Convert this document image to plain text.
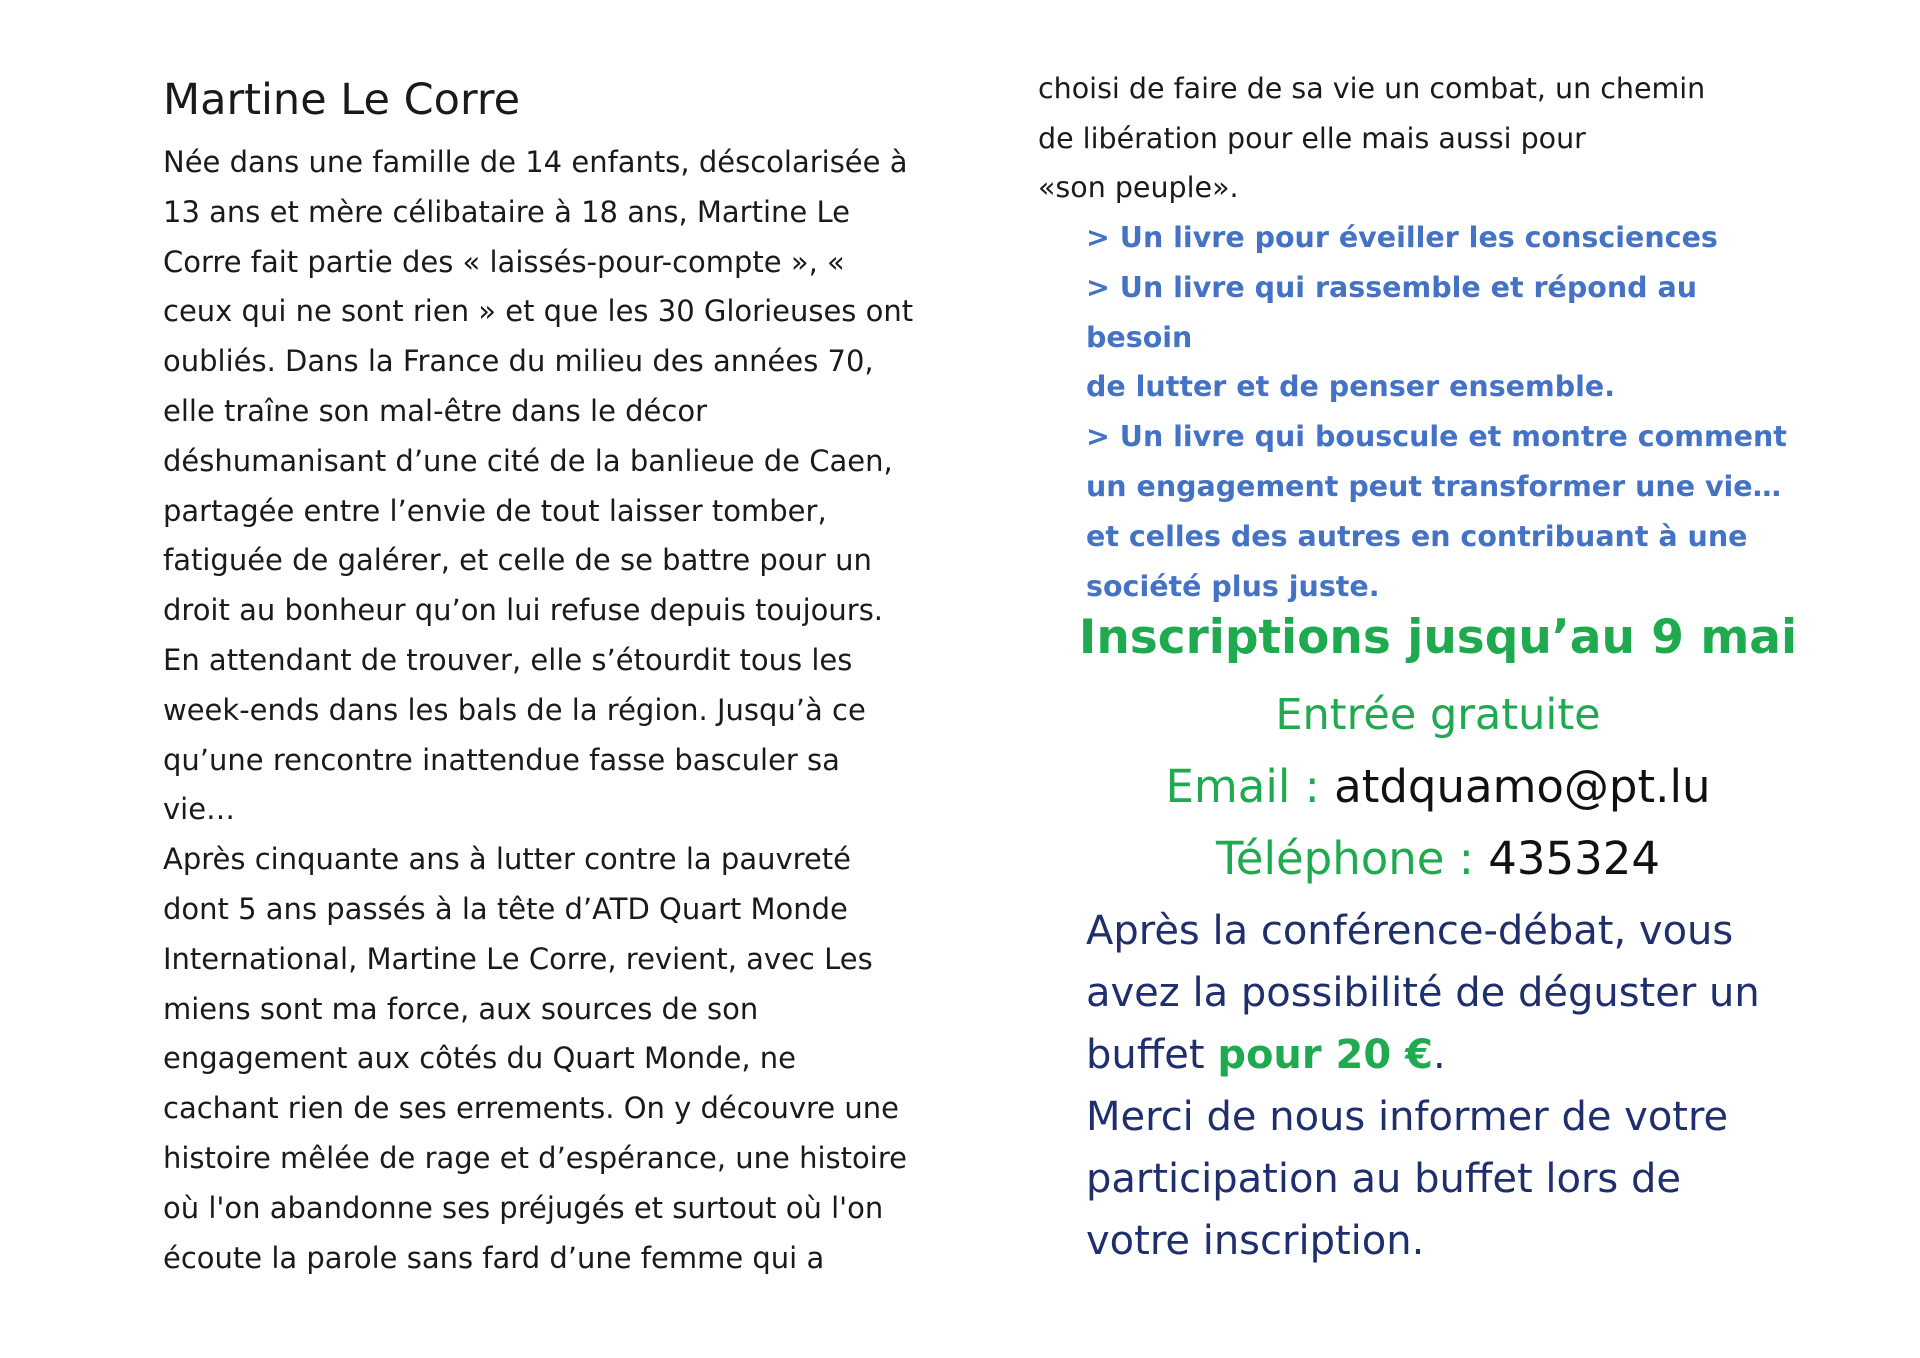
Martine Le Corre

Née dans une famille de 14 enfants, déscolarisée à

13 ans et mère célibataire à 18 ans, Martine Le

Corre fait partie des « laissés-pour-compte », «

ceux qui ne sont rien » et que les 30 Glorieuses ont

oubliés. Dans la France du milieu des années 70,

elle traîne son mal-être dans le décor

déshumanisant d’une cité de la banlieue de Caen,

partagée entre l’envie de tout laisser tomber,

fatiguée de galérer, et celle de se battre pour un

droit au bonheur qu’on lui refuse depuis toujours.

En attendant de trouver, elle s’étourdit tous les

week-ends dans les bals de la région. Jusqu’à ce

qu’une rencontre inattendue fasse basculer sa

vie…

Après cinquante ans à lutter contre la pauvreté

dont 5 ans passés à la tête d’ATD Quart Monde

International, Martine Le Corre, revient, avec Les

miens sont ma force, aux sources de son

engagement aux côtés du Quart Monde, ne

cachant rien de ses errements. On y découvre une

histoire mêlée de rage et d’espérance, une histoire

où l'on abandonne ses préjugés et surtout où l'on

écoute la parole sans fard d’une femme qui a

choisi de faire de sa vie un combat, un chemin
de libération pour elle mais aussi pour
«son peuple».

> Un livre pour éveiller les consciences

> Un livre qui rassemble et répond au besoin

de lutter et de penser ensemble.

> Un livre qui bouscule et montre comment

un engagement peut transformer une vie…

et celles des autres en contribuant à une

société plus juste.

Inscriptions jusqu’au 9 mai
Entrée gratuite
Email : atdquamo@pt.lu
Téléphone : 435324

Après la conférence-débat, vous

avez la possibilité de déguster un

buffet pour 20 €.

Merci de nous informer de votre

participation au buffet lors de

votre inscription.
